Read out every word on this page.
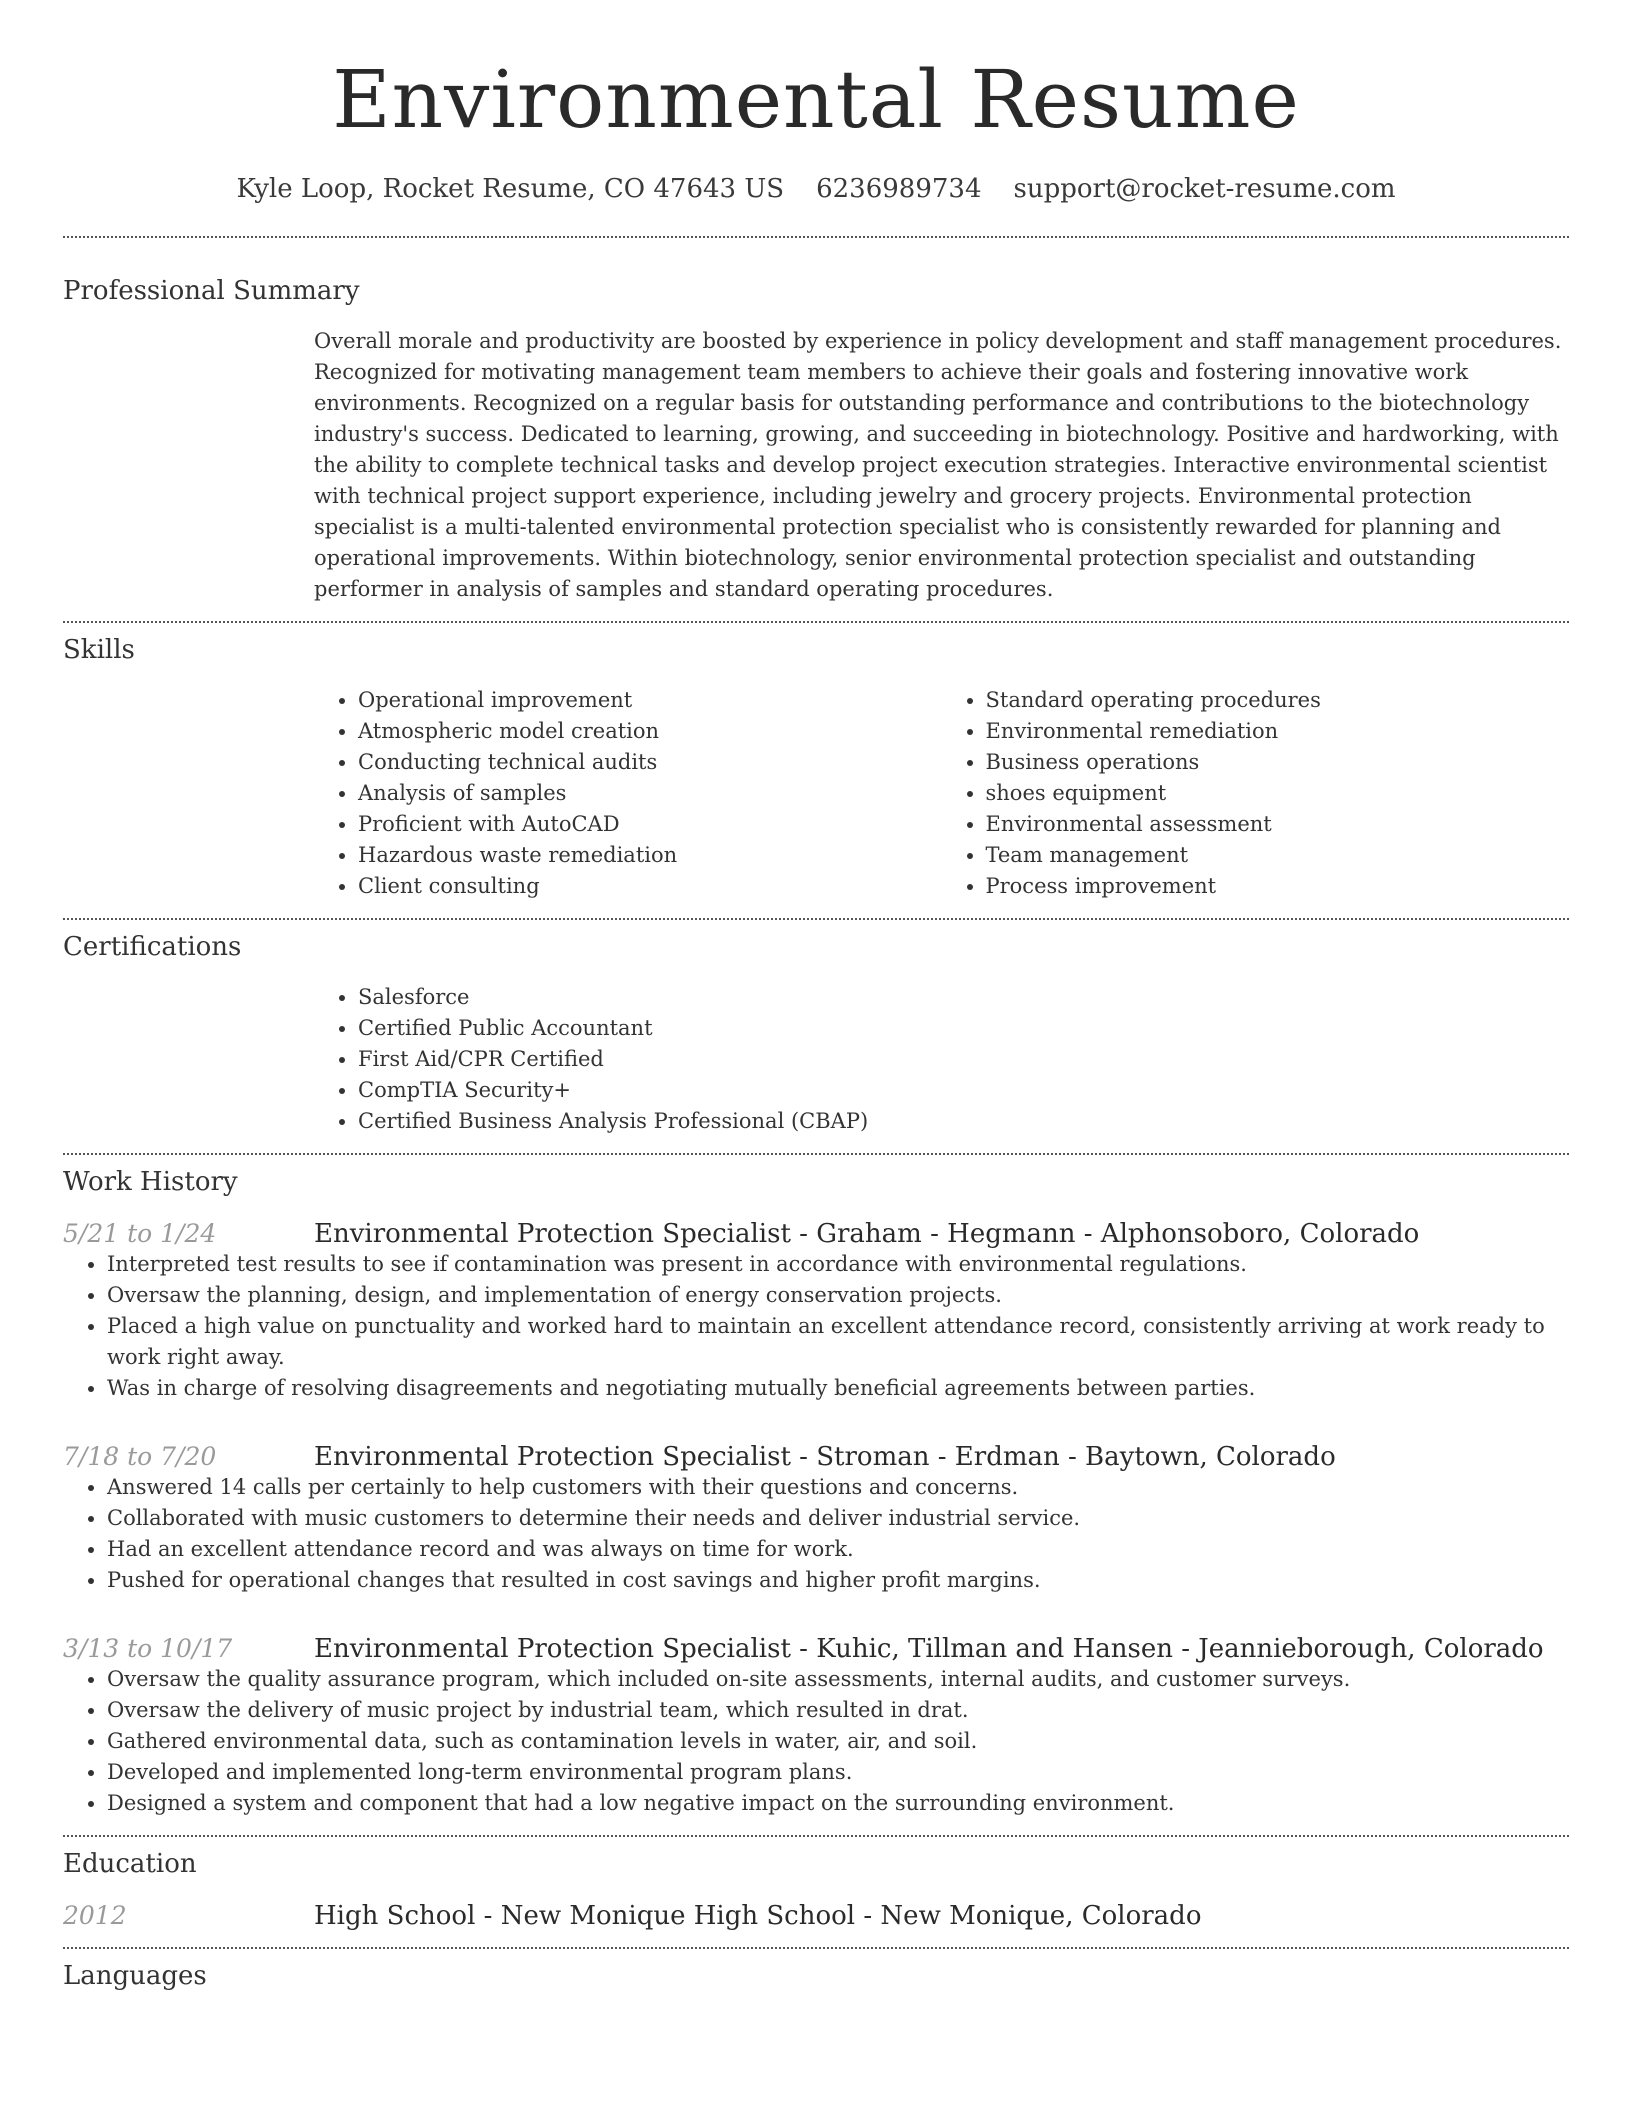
Environmental Resume
Kyle Loop, Rocket Resume, CO 47643 US 6236989734 support@rocket-resume.com
Professional Summary
Overall morale and productivity are boosted by experience in policy development and staff management procedures. Recognized for motivating management team members to achieve their goals and fostering innovative work environments. Recognized on a regular basis for outstanding performance and contributions to the biotechnology industry's success. Dedicated to learning, growing, and succeeding in biotechnology. Positive and hardworking, with the ability to complete technical tasks and develop project execution strategies. Interactive environmental scientist with technical project support experience, including jewelry and grocery projects. Environmental protection specialist is a multi-talented environmental protection specialist who is consistently rewarded for planning and operational improvements. Within biotechnology, senior environmental protection specialist and outstanding performer in analysis of samples and standard operating procedures.
Skills
• Operational improvement
• Atmospheric model creation
• Conducting technical audits
• Analysis of samples
• Proficient with AutoCAD
• Hazardous waste remediation
• Client consulting
• Standard operating procedures
• Environmental remediation
• Business operations
• shoes equipment
• Environmental assessment
• Team management
• Process improvement
Certifications
• Salesforce
• Certified Public Accountant
• First Aid/CPR Certified
• CompTIA Security+
• Certified Business Analysis Professional (CBAP)
Work History
5/21 to 1/24	Environmental Protection Specialist - Graham - Hegmann - Alphonsoboro, Colorado
• Interpreted test results to see if contamination was present in accordance with environmental regulations.
• Oversaw the planning, design, and implementation of energy conservation projects.
• Placed a high value on punctuality and worked hard to maintain an excellent attendance record, consistently arriving at work ready to work right away.
• Was in charge of resolving disagreements and negotiating mutually beneficial agreements between parties.
7/18 to 7/20	Environmental Protection Specialist - Stroman - Erdman - Baytown, Colorado
• Answered 14 calls per certainly to help customers with their questions and concerns.
• Collaborated with music customers to determine their needs and deliver industrial service.
• Had an excellent attendance record and was always on time for work.
• Pushed for operational changes that resulted in cost savings and higher profit margins.
3/13 to 10/17	Environmental Protection Specialist - Kuhic, Tillman and Hansen - Jeannieborough, Colorado
• Oversaw the quality assurance program, which included on-site assessments, internal audits, and customer surveys.
• Oversaw the delivery of music project by industrial team, which resulted in drat.
• Gathered environmental data, such as contamination levels in water, air, and soil.
• Developed and implemented long-term environmental program plans.
• Designed a system and component that had a low negative impact on the surrounding environment.
Education
2012	High School - New Monique High School - New Monique, Colorado
Languages
